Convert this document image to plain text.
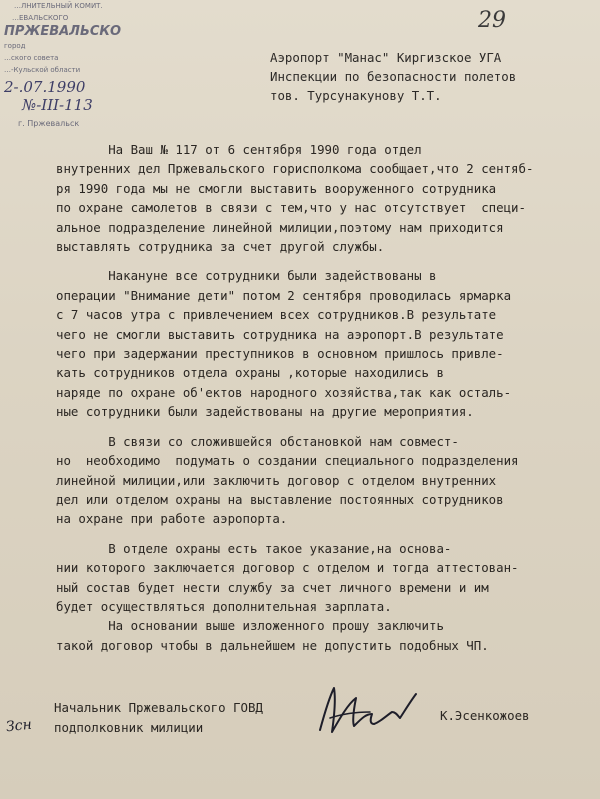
29
…ЛНИТЕЛЬНЫЙ КОМИТ.
…ЕВАЛЬСКОГО
ПРЖЕВАЛЬСКО
город
…ского совета
…-Кульской области
2-.07.1990
№-III-113
г. Пржевальск
Аэропорт "Манас" Киргизское УГА
Инспекции по безопасности полетов
тов. Турсунакунову Т.Т.
На Ваш № 117 от 6 сентября 1990 года отдел
внутренних дел Пржевальского горисполкома сообщает,что 2 сентяб-
ря 1990 года мы не смогли выставить вооруженного сотрудника
по охране самолетов в связи с тем,что у нас отсутствует  специ-
альное подразделение линейной милиции,поэтому нам приходится
выставлять сотрудника за счет другой службы.
Накануне все сотрудники были задействованы в
операции "Внимание дети" потом 2 сентября проводилась ярмарка
с 7 часов утра с привлечением всех сотрудников.В результате
чего не смогли выставить сотрудника на аэропорт.В результате
чего при задержании преступников в основном пришлось привле-
кать сотрудников отдела охраны ,которые находились в
наряде по охране об'ектов народного хозяйства,так как осталь-
ные сотрудники были задействованы на другие мероприятия.
В связи со сложившейся обстановкой нам совмест-
но  необходимо  подумать о создании специального подразделения
линейной милиции,или заключить договор с отделом внутренних
дел или отделом охраны на выставление постоянных сотрудников
на охране при работе аэропорта.
В отделе охраны есть такое указание,на основа-
нии которого заключается договор с отделом и тогда аттестован-
ный состав будет нести службу за счет личного времени и им
будет осуществляться дополнительная зарплата.
На основании выше изложенного прошу заключить
такой договор чтобы в дальнейшем не допустить подобных ЧП.
Зсн
Начальник Пржевальского ГОВД
подполковник милиции
К.Эсенкожоев
